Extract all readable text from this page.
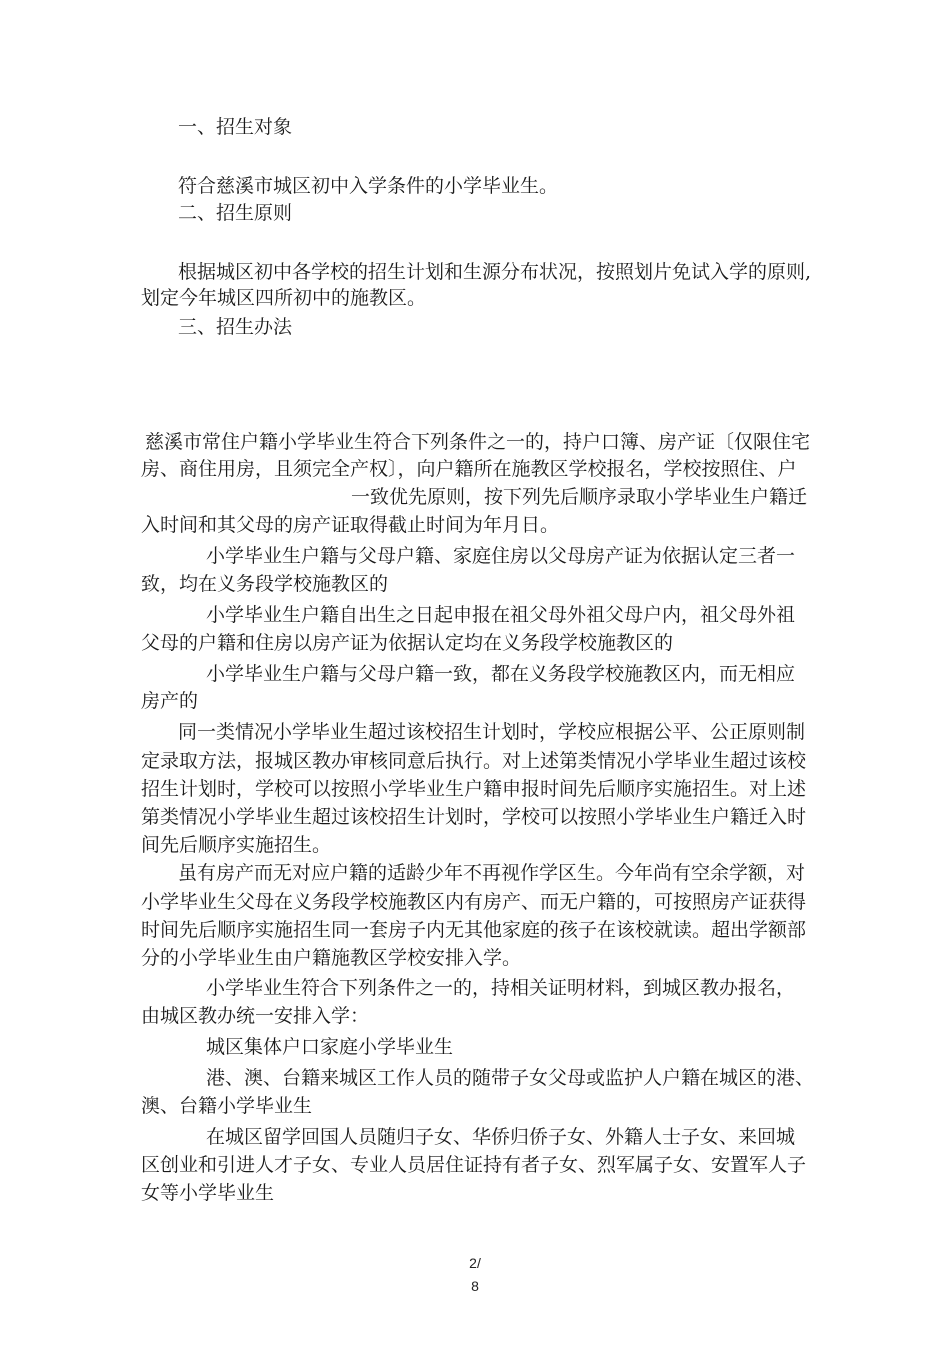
一、招生对象

符合慈溪市城区初中入学条件的小学毕业生。

二、招生原则

根据城区初中各学校的招生计划和生源分布状况，按照划片免试入学的原则,

划定今年城区四所初中的施教区。

三、招生办法

慈溪市常住户籍小学毕业生符合下列条件之一的，持户口簿、房产证〔仅限住宅

房、商住用房，且须完全产权〕，向户籍所在施教区学校报名，学校按照住、户

一致优先原则，按下列先后顺序录取小学毕业生户籍迁

入时间和其父母的房产证取得截止时间为年月日。

小学毕业生户籍与父母户籍、家庭住房以父母房产证为依据认定三者一

致，均在义务段学校施教区的

小学毕业生户籍自出生之日起申报在祖父母外祖父母户内，祖父母外祖

父母的户籍和住房以房产证为依据认定均在义务段学校施教区的

小学毕业生户籍与父母户籍一致，都在义务段学校施教区内，而无相应

房产的

同一类情况小学毕业生超过该校招生计划时，学校应根据公平、公正原则制

定录取方法，报城区教办审核同意后执行。对上述第类情况小学毕业生超过该校

招生计划时，学校可以按照小学毕业生户籍申报时间先后顺序实施招生。对上述

第类情况小学毕业生超过该校招生计划时，学校可以按照小学毕业生户籍迁入时

间先后顺序实施招生。

虽有房产而无对应户籍的适龄少年不再视作学区生。今年尚有空余学额，对

小学毕业生父母在义务段学校施教区内有房产、而无户籍的，可按照房产证获得

时间先后顺序实施招生同一套房子内无其他家庭的孩子在该校就读。超出学额部

分的小学毕业生由户籍施教区学校安排入学。

小学毕业生符合下列条件之一的，持相关证明材料，到城区教办报名，

由城区教办统一安排入学：

城区集体户口家庭小学毕业生

港、澳、台籍来城区工作人员的随带子女父母或监护人户籍在城区的港、

澳、台籍小学毕业生

在城区留学回国人员随归子女、华侨归侨子女、外籍人士子女、来回城

区创业和引进人才子女、专业人员居住证持有者子女、烈军属子女、安置军人子

女等小学毕业生

2/
8
